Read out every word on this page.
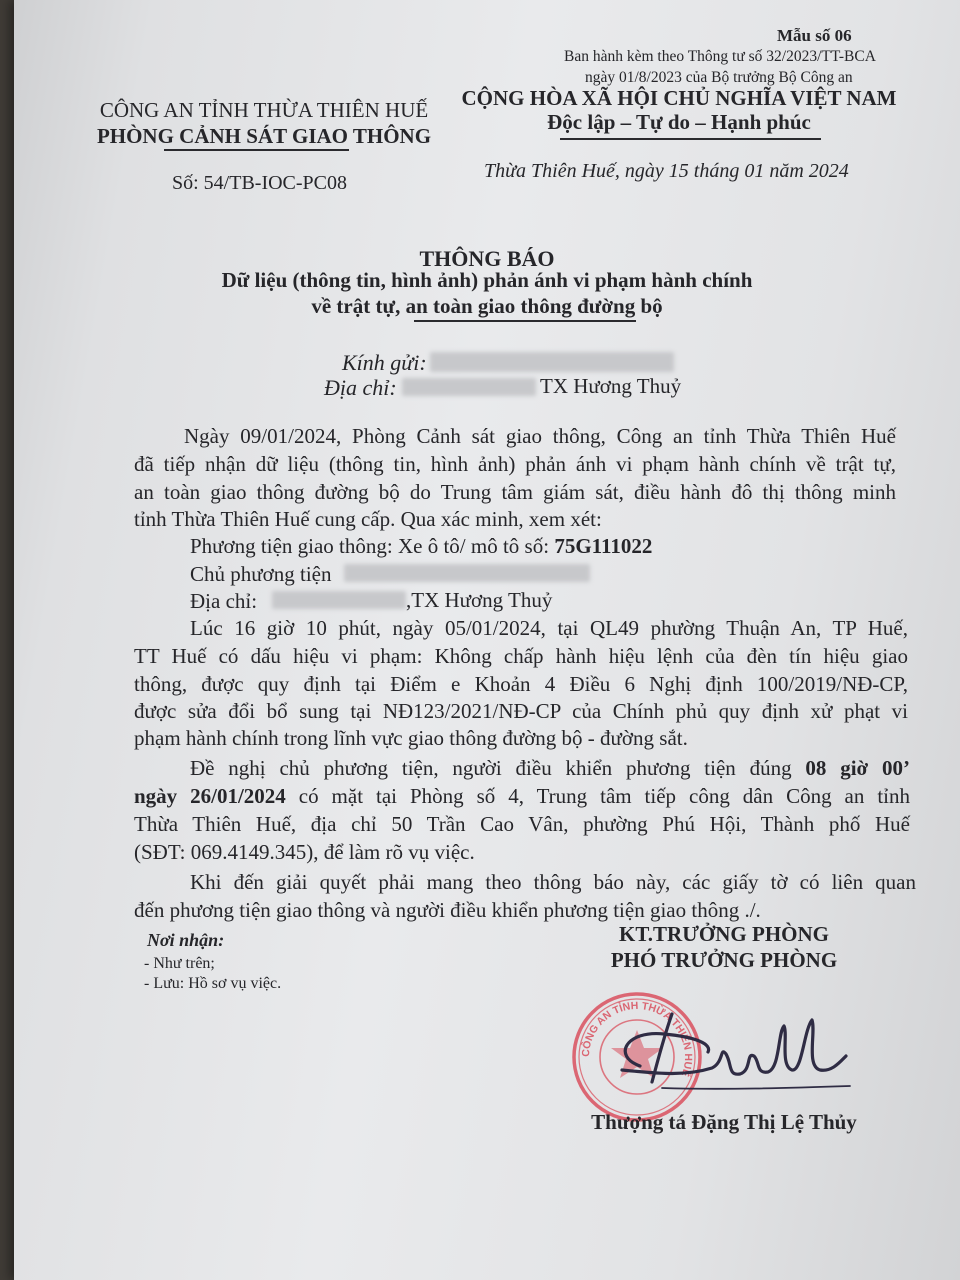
Mẫu số 06
Ban hành kèm theo Thông tư số 32/2023/TT-BCA
ngày 01/8/2023 của Bộ trưởng Bộ Công an
CÔNG AN TỈNH THỪA THIÊN HUẾ
PHÒNG CẢNH SÁT GIAO THÔNG
Số: 54/TB-IOC-PC08
CỘNG HÒA XÃ HỘI CHỦ NGHĨA VIỆT NAM
Độc lập – Tự do – Hạnh phúc
Thừa Thiên Huế, ngày 15 tháng 01 năm 2024
THÔNG BÁO
Dữ liệu (thông tin, hình ảnh) phản ánh vi phạm hành chính
về trật tự, an toàn giao thông đường bộ
Kính gửi:
Địa chỉ:	TX Hương Thuỷ
Ngày 09/01/2024, Phòng Cảnh sát giao thông, Công an tỉnh Thừa Thiên Huế
đã tiếp nhận dữ liệu (thông tin, hình ảnh) phản ánh vi phạm hành chính về trật tự,
an toàn giao thông đường bộ do Trung tâm giám sát, điều hành đô thị thông minh
tỉnh Thừa Thiên Huế cung cấp. Qua xác minh, xem xét:
Phương tiện giao thông: Xe ô tô/ mô tô số: 75G111022
Chủ phương tiện
Địa chỉ:	,TX Hương Thuỷ
Lúc 16 giờ 10 phút, ngày 05/01/2024, tại QL49 phường Thuận An, TP Huế,
TT Huế có dấu hiệu vi phạm: Không chấp hành hiệu lệnh của đèn tín hiệu giao
thông, được quy định tại Điểm e Khoản 4 Điều 6 Nghị định 100/2019/NĐ-CP,
được sửa đổi bổ sung tại NĐ123/2021/NĐ-CP của Chính phủ quy định xử phạt vi
phạm hành chính trong lĩnh vực giao thông đường bộ - đường sắt.
Đề nghị chủ phương tiện, người điều khiển phương tiện đúng 08 giờ 00’
ngày 26/01/2024 có mặt tại Phòng số 4, Trung tâm tiếp công dân Công an tỉnh
Thừa Thiên Huế, địa chỉ 50 Trần Cao Vân, phường Phú Hội, Thành phố Huế
(SĐT: 069.4149.345), để làm rõ vụ việc.
Khi đến giải quyết phải mang theo thông báo này, các giấy tờ có liên quan
đến phương tiện giao thông và người điều khiển phương tiện giao thông ./.
Nơi nhận:
- Như trên;
- Lưu: Hồ sơ vụ việc.
KT.TRƯỞNG PHÒNG
PHÓ TRƯỞNG PHÒNG
CÔNG AN TỈNH THỪA THIÊN HUẾ
Thượng tá Đặng Thị Lệ Thủy
